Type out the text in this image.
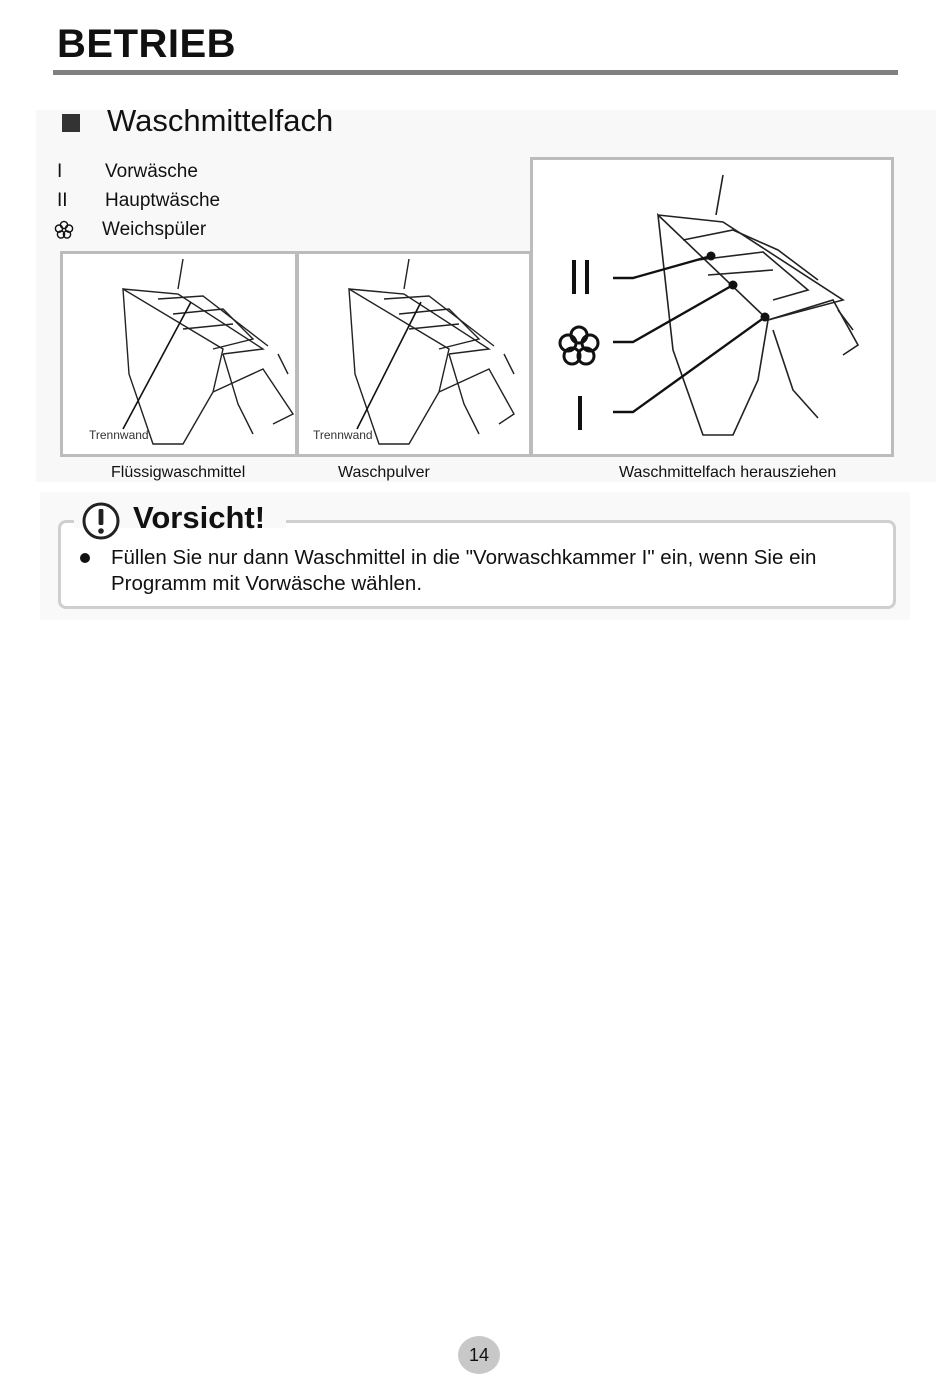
BETRIEB
Waschmittelfach
I	Vorwäsche
II	Hauptwäsche
Weichspüler
Trennwand	Trennwand
Flüssigwaschmittel	Waschpulver	Waschmittelfach herausziehen
Vorsicht!

Füllen Sie nur dann Waschmittel in die "Vorwaschkammer I" ein, wenn Sie ein Programm mit Vorwäsche wählen.

14
